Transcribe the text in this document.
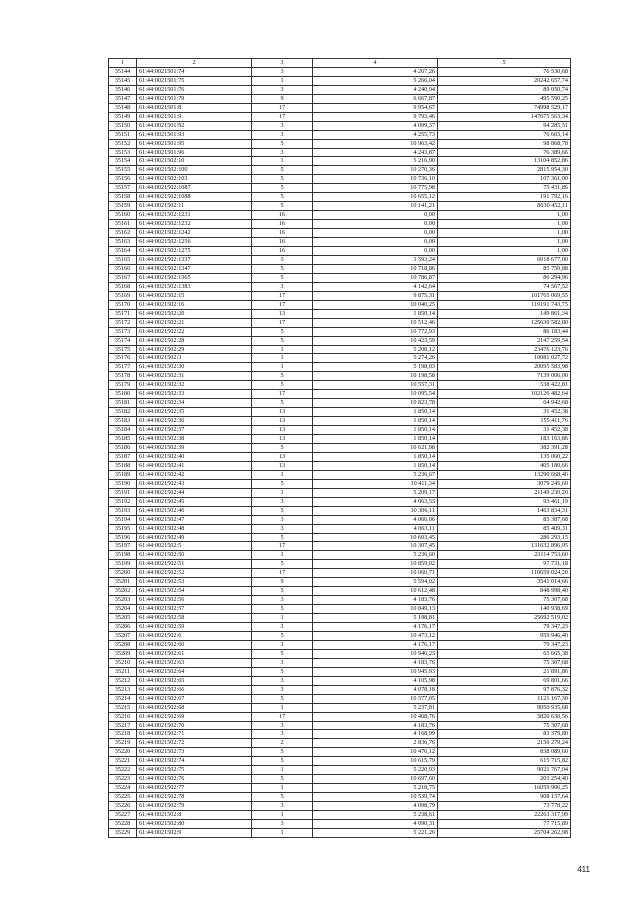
1	2	3	4	5
35144	61:44:0021501:74	3	4 267,26	76 530,68
35145	61:44:0021501:75	1	5 266,04	20242 657,74
35146	61:44:0021501:76	3	4 240,94	89 050,74
35147	61:44:0021501:79	9	6 667,87	495 590,25
35148	61:44:0021501:8	17	9 954,67	74998 529,17
35149	61:44:0021501:9	17	9 793,46	147675 563,34
35150	61:44:0021501:92	3	4 099,37	94 285,51
35151	61:44:0021501:93	3	4 255,73	76 603,14
35152	61:44:0021501:95	5	10 963,42	98 868,78
35153	61:44:0021501:96	3	4 243,87	76 389,66
35154	61:44:0021502:10	1	5 216,90	13104 852,86
35155	61:44:0021502:100	5	10 270,36	2815 954,30
35156	61:44:0021502:103	5	10 736,10	107 361,00
35157	61:44:0021502:1087	5	10 775,98	75 431,86
35158	61:44:0021502:1088	5	10 655,12	191 792,16
35159	61:44:0021502:11	5	10 141,21	8630 452,11
35160	61:44:0021502:1231	16	0,00	1,00
35161	61:44:0021502:1232	16	0,00	1,00
35162	61:44:0021502:1242	16	0,00	1,00
35163	61:44:0021502:1256	16	0,00	1,00
35164	61:44:0021502:1275	16	0,00	1,00
35165	61:44:0021502:1337	3	3 593,24	6018 677,00
35166	61:44:0021502:1347	5	10 718,86	85 750,88
35167	61:44:0021502:1365	5	10 786,87	86 294,96
35168	61:44:0021502:1383	3	4 142,64	74 567,52
35169	61:44:0021502:15	17	9 875,31	101765 069,55
35170	61:44:0021502:16	17	10 040,25	119191 743,75
35171	61:44:0021502:20	13	1 850,14	149 861,34
35172	61:44:0021502:21	17	10 512,46	125630 582,80
35173	61:44:0021502:22	5	10 772,93	86 183,44
35174	61:44:0021502:28	5	10 423,59	2147 259,54
35175	61:44:0021502:29	1	5 208,12	23476 123,76
35176	61:44:0021502:3	1	5 274,26	10081 027,72
35177	61:44:0021502:30	1	5 198,03	20095 583,98
35178	61:44:0021502:31	5	10 198,58	7139 006,00
35179	61:44:0021502:32	5	10 557,31	538 422,81
35180	61:44:0021502:33	17	10 095,54	102126 482,64
35181	61:44:0021502:34	5	10 823,78	64 942,68
35182	61:44:0021502:35	13	1 850,14	31 452,38
35183	61:44:0021502:36	13	1 850,14	155 411,76
35184	61:44:0021502:37	13	1 850,14	31 452,38
35185	61:44:0021502:38	13	1 850,14	183 163,86
35186	61:44:0021502:39	5	10 621,98	382 391,28
35187	61:44:0021502:40	13	1 850,14	135 060,22
35188	61:44:0021502:41	13	1 850,14	405 180,66
35189	61:44:0021502:42	1	5 236,67	13290 668,46
35190	61:44:0021502:43	5	10 411,34	3079 245,60
35191	61:44:0021502:44	1	5 209,17	21149 230,20
35192	61:44:0021502:45	3	4 063,53	93 461,19
35193	61:44:0021502:46	5	10 306,11	1463 834,31
35194	61:44:0021502:47	3	4 066,06	85 387,68
35195	61:44:0021502:48	3	4 063,11	85 409,31
35196	61:44:0021502:49	5	10 603,45	286 293,15
35197	61:44:0021502:5	17	10 307,45	131632 896,95
35198	61:44:0021502:50	1	5 236,60	23114 753,60
35199	61:44:0021502:51	5	10 859,02	97 731,18
35200	61:44:0021502:52	17	10 060,71	110659 024,20
35201	61:44:0021502:53	9	5 594,02	3541 014,66
35202	61:44:0021502:54	5	10 612,48	848 998,40
35203	61:44:0021502:56	3	4 183,76	75 307,68
35204	61:44:0021502:57	5	10 849,13	140 938,69
35205	61:44:0021502:58	1	5 198,81	25692 519,02
35206	61:44:0021502:59	3	4 176,17	79 347,23
35207	61:44:0021502:6	5	10 473,12	959 946,40
35208	61:44:0021502:60	3	4 176,17	79 347,23
35209	61:44:0021502:61	5	10 946,23	65 665,38
35210	61:44:0021502:63	3	4 183,76	75 307,68
35211	61:44:0021502:64	5	10 945,93	21 891,86
35212	61:44:0021502:65	3	4 105,98	69 801,66
35213	61:44:0021502:66	3	4 078,18	97 876,32
35214	61:44:0021502:67	5	10 577,05	1121 167,30
35215	61:44:0021502:68	1	5 237,81	9050 935,68
35216	61:44:0021502:69	17	10 468,76	5820 630,56
35217	61:44:0021502:70	3	4 183,76	75 307,68
35218	61:44:0021502:71	3	4 168,99	83 379,80
35219	61:44:0021502:72	2	2 836,76	2150 279,24
35220	61:44:0021502:73	5	10 476,12	838 089,60
35221	61:44:0021502:74	5	10 615,79	615 715,82
35222	61:44:0021502:75	1	5 220,93	9021 767,04
35223	61:44:0021502:76	5	10 697,60	203 254,40
35224	61:44:0021502:77	1	5 218,75	16059 906,25
35225	61:44:0021502:78	5	10 539,74	908 137,64
35226	61:44:0021502:79	3	4 098,79	73 778,22
35227	61:44:0021502:8	1	5 238,61	22263 317,99
35228	61:44:0021502:80	3	4 090,31	77 715,89
35229	61:44:0021502:9	1	5 221,26	25704 262,98
411
